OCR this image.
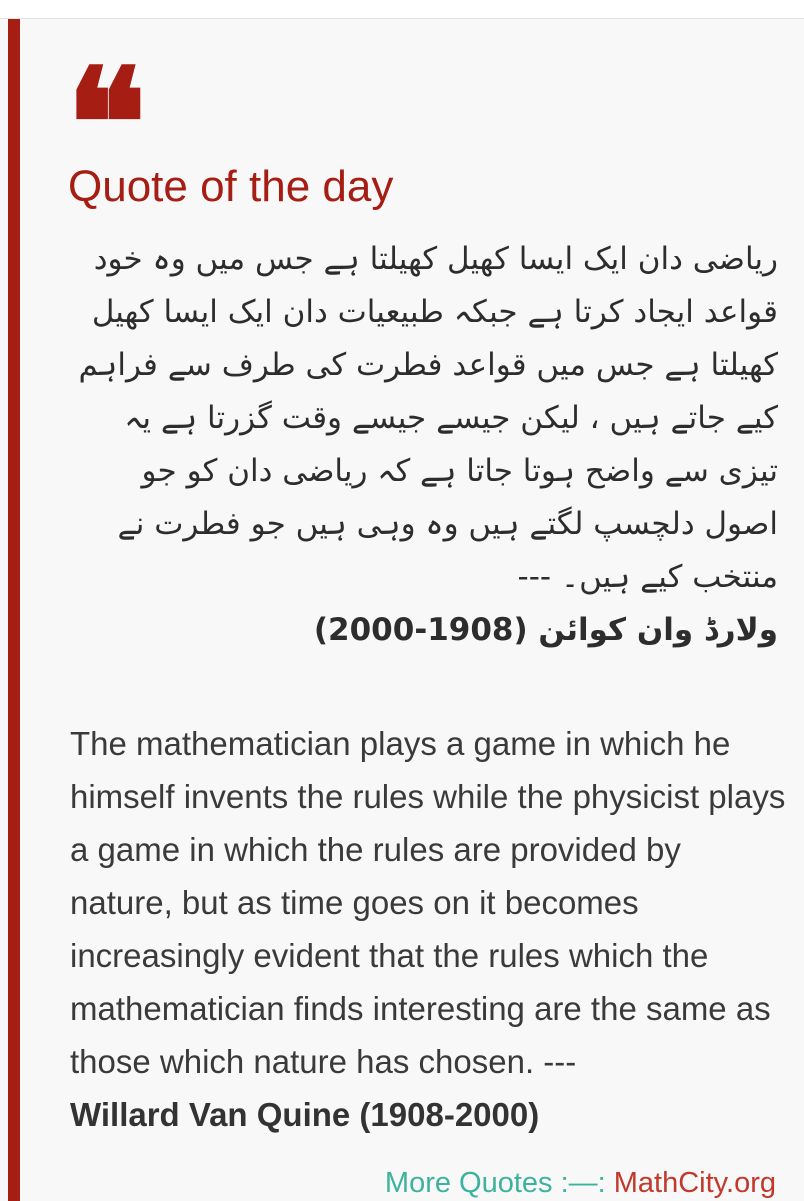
❝
Quote of the day
ریاضی دان ایک ایسا کھیل کھیلتا ہے جس میں وہ خود قواعد ایجاد کرتا ہے جبکہ طبیعیات دان ایک ایسا کھیل کھیلتا ہے جس میں قواعد فطرت کی طرف سے فراہم کیے جاتے ہیں ، لیکن جیسے جیسے وقت گزرتا ہے یہ تیزی سے واضح ہوتا جاتا ہے کہ ریاضی دان کو جو اصول دلچسپ لگتے ہیں وہ وہی ہیں جو فطرت نے منتخب کیے ہیں۔ ---
ولارڈ وان کوائن (1908-2000)
The mathematician plays a game in which he himself invents the rules while the physicist plays a game in which the rules are provided by nature, but as time goes on it becomes increasingly evident that the rules which the mathematician finds interesting are the same as those which nature has chosen. ---
Willard Van Quine (1908-2000)
More Quotes :—: MathCity.org
